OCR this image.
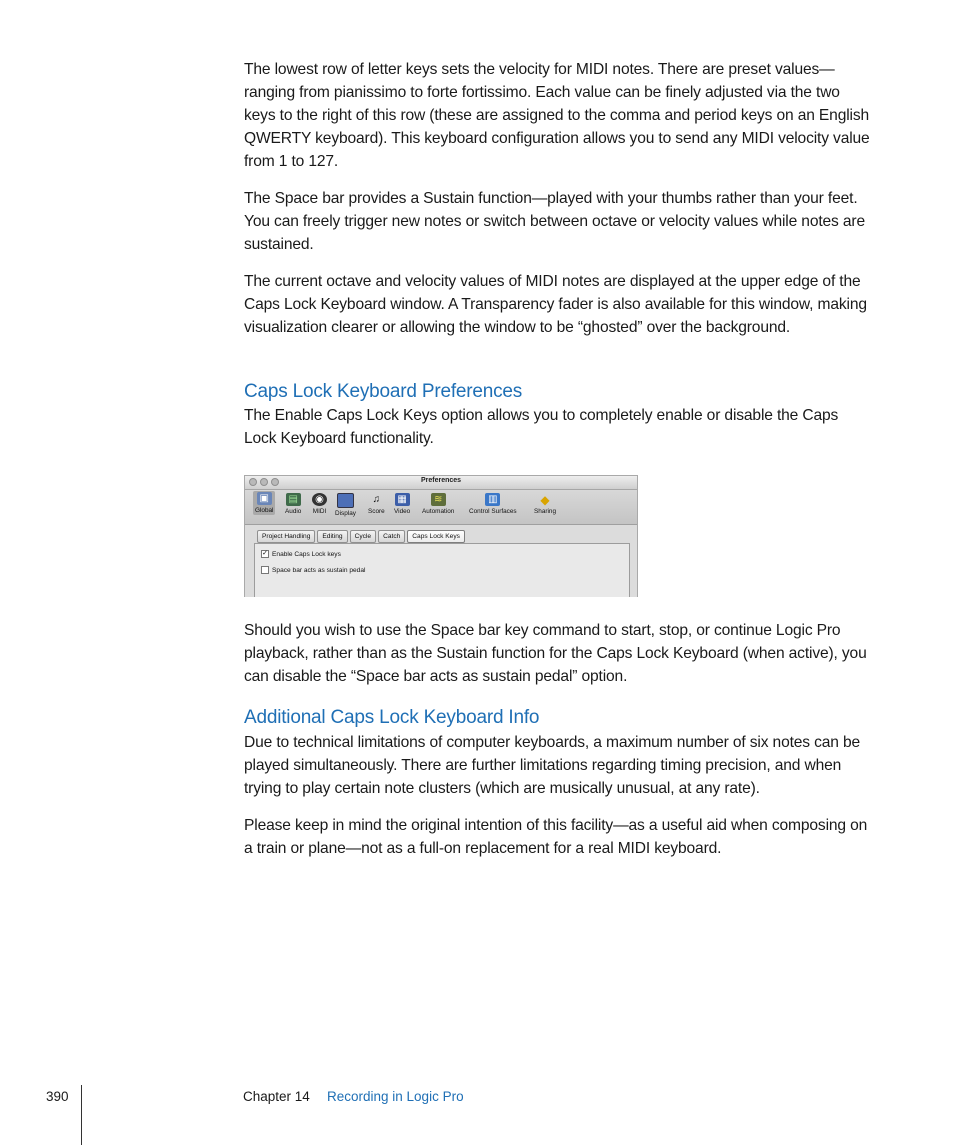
The lowest row of letter keys sets the velocity for MIDI notes. There are preset values—ranging from pianissimo to forte fortissimo. Each value can be finely adjusted via the two keys to the right of this row (these are assigned to the comma and period keys on an English QWERTY keyboard). This keyboard configuration allows you to send any MIDI velocity value from 1 to 127.

The Space bar provides a Sustain function—played with your thumbs rather than your feet. You can freely trigger new notes or switch between octave or velocity values while notes are sustained.

The current octave and velocity values of MIDI notes are displayed at the upper edge of the Caps Lock Keyboard window. A Transparency fader is also available for this window, making visualization clearer or allowing the window to be “ghosted” over the background.

Caps Lock Keyboard Preferences

The Enable Caps Lock Keys option allows you to completely enable or disable the Caps Lock Keyboard functionality.

Preferences
▣
Global
▤
Audio
◉
MIDI Display
♫
Score
▦
Video
≋
Automation
▥
Control Surfaces
◆
Sharing
✓ Enable Caps Lock keys
Space bar acts as sustain pedal
Project Handling	Editing	Cycle	Catch	Caps Lock Keys

Should you wish to use the Space bar key command to start, stop, or continue Logic Pro playback, rather than as the Sustain function for the Caps Lock Keyboard (when active), you can disable the “Space bar acts as sustain pedal” option.

Additional Caps Lock Keyboard Info

Due to technical limitations of computer keyboards, a maximum number of six notes can be played simultaneously. There are further limitations regarding timing precision, and when trying to play certain note clusters (which are musically unusual, at any rate).

Please keep in mind the original intention of this facility—as a useful aid when composing on a train or plane—not as a full-on replacement for a real MIDI keyboard.

390	Chapter 14 Recording in Logic Pro
